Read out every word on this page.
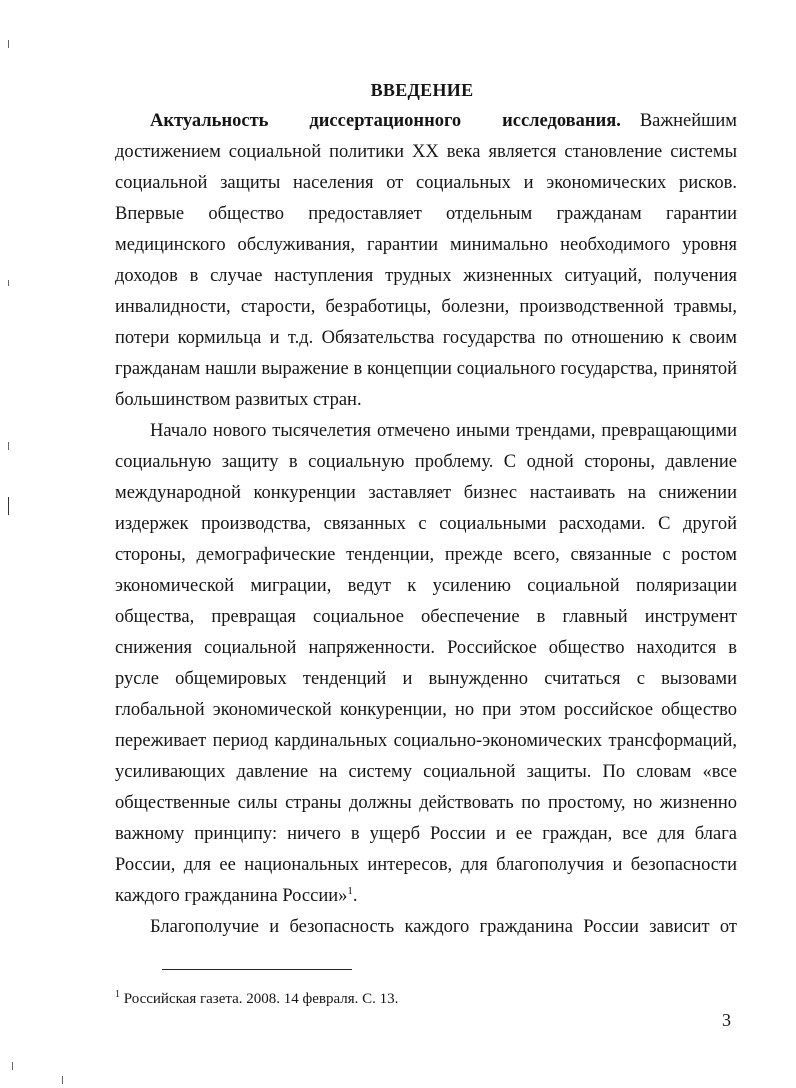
ВВЕДЕНИЕ

Актуальность диссертационного исследования. Важнейшим достижением социальной политики XX века является становление системы социальной защиты населения от социальных и экономических рисков. Впервые общество предоставляет отдельным гражданам гарантии медицинского обслуживания, гарантии минимально необходимого уровня доходов в случае наступления трудных жизненных ситуаций, получения инвалидности, старости, безработицы, болезни, производственной травмы, потери кормильца и т.д. Обязательства государства по отношению к своим гражданам нашли выражение в концепции социального государства, принятой большинством развитых стран.

Начало нового тысячелетия отмечено иными трендами, превращающими социальную защиту в социальную проблему. С одной стороны, давление международной конкуренции заставляет бизнес настаивать на снижении издержек производства, связанных с социальными расходами. С другой стороны, демографические тенденции, прежде всего, связанные с ростом экономической миграции, ведут к усилению социальной поляризации общества, превращая социальное обеспечение в главный инструмент снижения социальной напряженности. Российское общество находится в русле общемировых тенденций и вынужденно считаться с вызовами глобальной экономической конкуренции, но при этом российское общество переживает период кардинальных социально-экономических трансформаций, усиливающих давление на систему социальной защиты. По словам «все общественные силы страны должны действовать по простому, но жизненно важному принципу: ничего в ущерб России и ее граждан, все для блага России, для ее национальных интересов, для благополучия и безопасности каждого гражданина России»$^1$.

Благополучие и безопасность каждого гражданина России зависит от

$^1$ Российская газета. 2008. 14 февраля. С. 13.
3
